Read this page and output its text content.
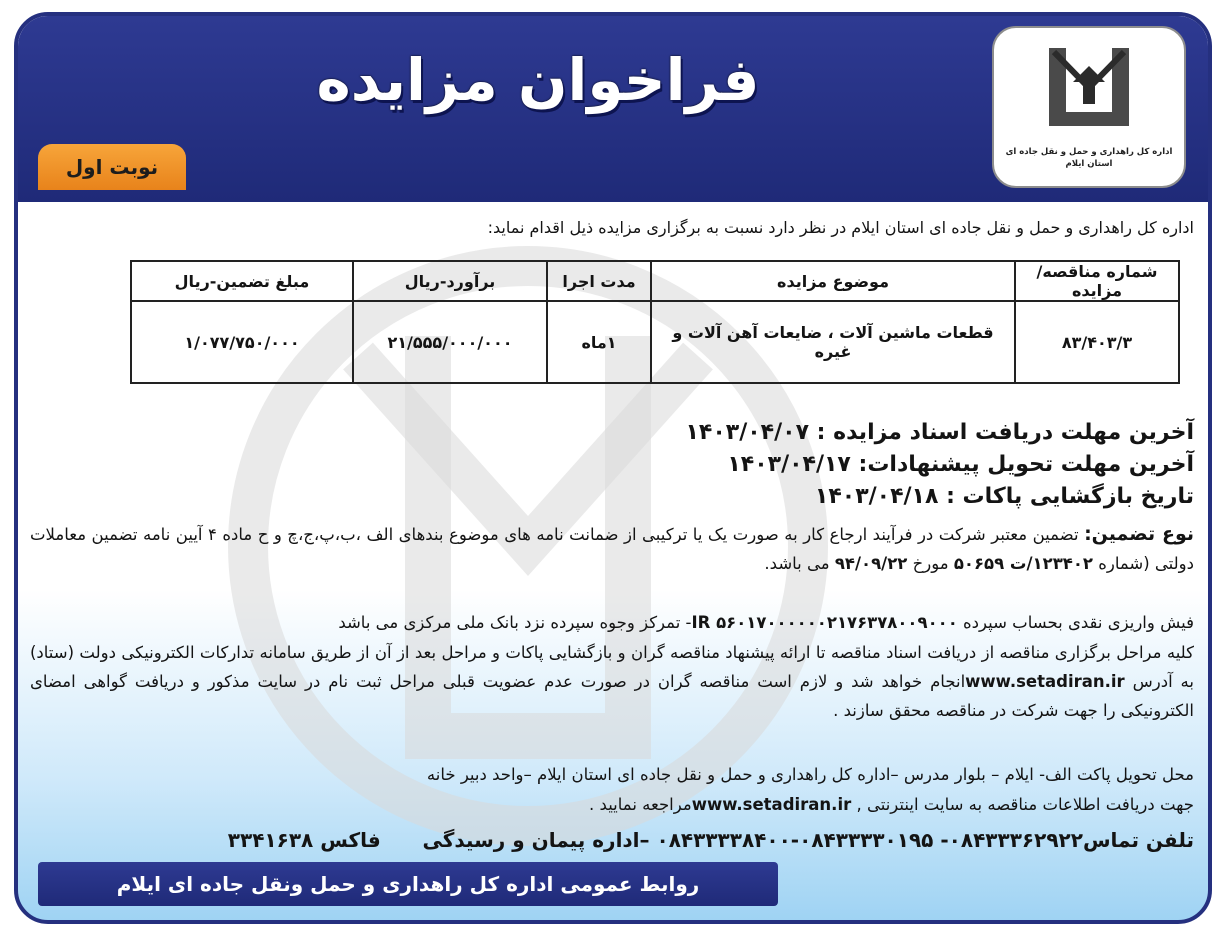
فراخوان مزایده
نوبت اول
اداره کل راهداری و حمل و نقل جاده ای
استان ایلام
اداره کل راهداری و حمل و نقل جاده ای استان ایلام در نظر دارد نسبت به برگزاری مزایده ذیل اقدام نماید:
شماره مناقصه/مزایده	موضوع مزایده	مدت اجرا	برآورد-ریال	مبلغ تضمین-ریال
۸۳/۴۰۳/۳	قطعات ماشین آلات ، ضایعات آهن آلات و غیره	۱ماه	۲۱/۵۵۵/۰۰۰/۰۰۰	۱/۰۷۷/۷۵۰/۰۰۰
آخرین مهلت دریافت اسناد مزایده : ۱۴۰۳/۰۴/۰۷
آخرین مهلت تحویل پیشنهادات: ۱۴۰۳/۰۴/۱۷
تاریخ بازگشایی پاکات : ۱۴۰۳/۰۴/۱۸
نوع تضمین: تضمین معتبر شرکت در فرآیند ارجاع کار به صورت یک یا ترکیبی از ضمانت نامه های موضوع بندهای الف ،ب،پ،ج،چ و ح ماده ۴ آیین نامه تضمین معاملات دولتی (شماره ۱۲۳۴۰۲/ت ۵۰۶۵۹ مورخ ۹۴/۰۹/۲۲ می باشد.
فیش واریزی نقدی بحساب سپرده IR ۵۶۰۱۷۰۰۰۰۰۰۲۱۷۶۳۷۸۰۰۹۰۰۰- تمرکز وجوه سپرده نزد بانک ملی مرکزی می باشد
کلیه مراحل برگزاری مناقصه از دریافت اسناد مناقصه تا ارائه پیشنهاد مناقصه گران و بازگشایی پاکات و مراحل بعد از آن از طریق سامانه تدارکات الکترونیکی دولت (ستاد) به آدرس www.setadiran.irانجام خواهد شد و لازم است مناقصه گران در صورت عدم عضویت قبلی مراحل ثبت نام در سایت مذکور و دریافت گواهی امضای الکترونیکی را جهت شرکت در مناقصه محقق سازند .
محل تحویل پاکت الف- ایلام – بلوار مدرس –اداره کل راهداری و حمل و نقل جاده ای استان ایلام –واحد دبیر خانه
جهت دریافت اطلاعات مناقصه به سایت اینترنتی , www.setadiran.irمراجعه نمایید .
تلفن تماس۰۸۴۳۳۳۶۲۹۲۲- ۰۸۴۳۳۳۳۰۱۹۵-۰۸۴۳۳۳۳۸۴۰۰ –اداره پیمان و رسیدگی      فاکس ۳۳۴۱۶۳۸
روابط عمومی اداره کل راهداری و حمل ونقل جاده ای ایلام
